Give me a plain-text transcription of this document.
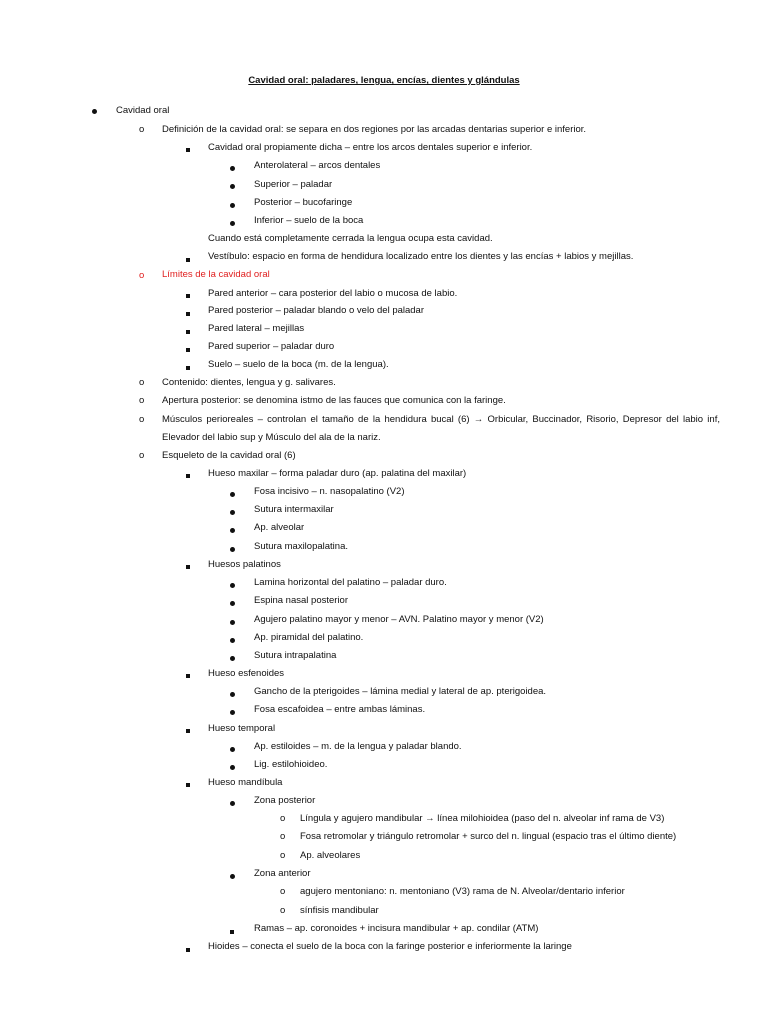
Cavidad oral: paladares, lengua, encías, dientes y glándulas
Cavidad oral
o Definición de la cavidad oral: se separa en dos regiones por las arcadas dentarias superior e inferior.
Cavidad oral propiamente dicha – entre los arcos dentales superior e inferior.
Anterolateral – arcos dentales
Superior – paladar
Posterior – bucofaringe
Inferior – suelo de la boca
Cuando está completamente cerrada la lengua ocupa esta cavidad.
Vestíbulo: espacio en forma de hendidura localizado entre los dientes y las encías + labios y mejillas.
o Límites de la cavidad oral
Pared anterior – cara posterior del labio o mucosa de labio.
Pared posterior – paladar blando o velo del paladar
Pared lateral – mejillas
Pared superior – paladar duro
Suelo – suelo de la boca (m. de la lengua).
o Contenido: dientes, lengua y g. salivares.
o Apertura posterior: se denomina istmo de las fauces que comunica con la faringe.
o Músculos perioreales – controlan el tamaño de la hendidura bucal (6) → Orbicular, Buccinador, Risorio, Depresor del labio inf,
Elevador del labio sup y Músculo del ala de la nariz.
o Esqueleto de la cavidad oral (6)
Hueso maxilar – forma paladar duro (ap. palatina del maxilar)
Fosa incisivo – n. nasopalatino (V2)
Sutura intermaxilar
Ap. alveolar
Sutura maxilopalatina.
Huesos palatinos
Lamina horizontal del palatino – paladar duro.
Espina nasal posterior
Agujero palatino mayor y menor – AVN. Palatino mayor y menor (V2)
Ap. piramidal del palatino.
Sutura intrapalatina
Hueso esfenoides
Gancho de la pterigoides – lámina medial y lateral de ap. pterigoidea.
Fosa escafoidea – entre ambas láminas.
Hueso temporal
Ap. estiloides – m. de la lengua y paladar blando.
Lig. estilohioideo.
Hueso mandíbula
Zona posterior
o Língula y agujero mandibular → línea milohioidea (paso del n. alveolar inf rama de V3)
o Fosa retromolar y triángulo retromolar + surco del n. lingual (espacio tras el último diente)
o Ap. alveolares
Zona anterior
o agujero mentoniano: n. mentoniano (V3) rama de N. Alveolar/dentario inferior
o sínfisis mandibular
Ramas – ap. coronoides + incisura mandibular + ap. condilar (ATM)
Hioides – conecta el suelo de la boca con la faringe posterior e inferiormente la laringe
